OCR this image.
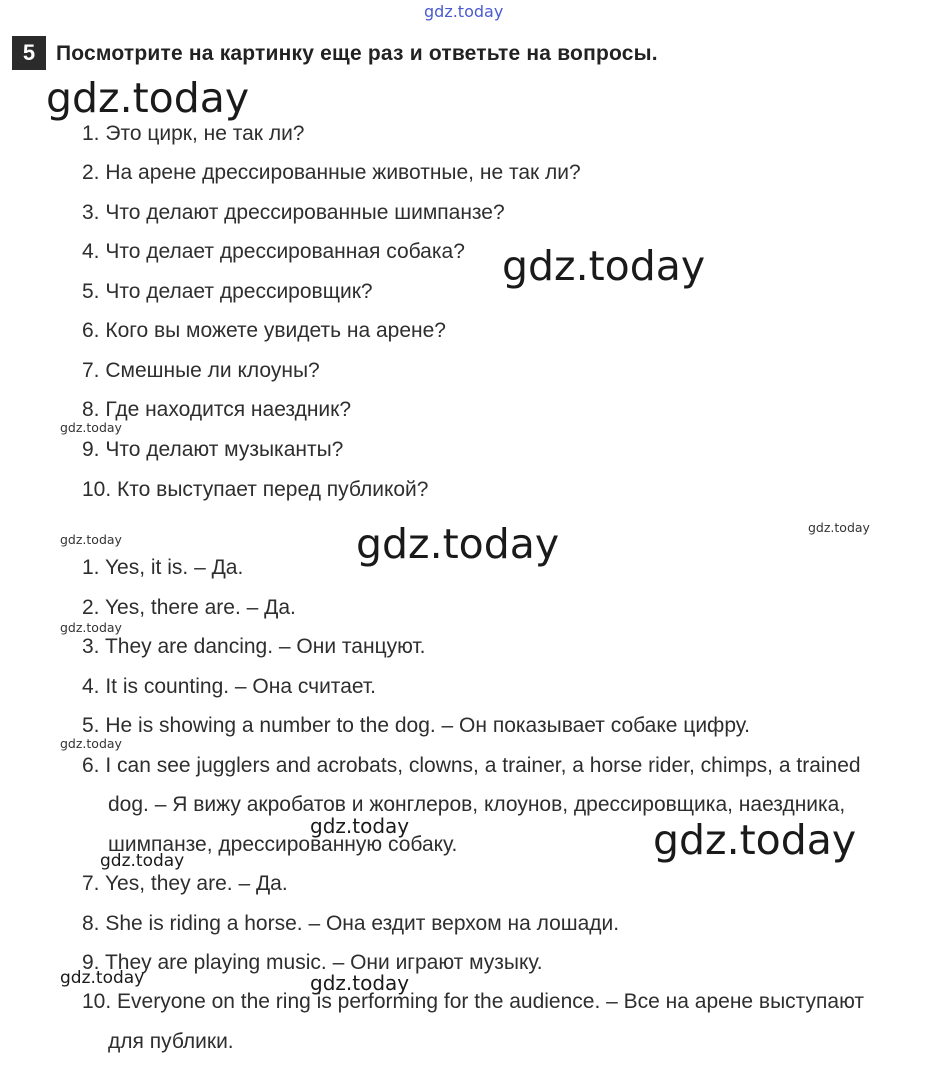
gdz.today
5 Посмотрите на картинку еще раз и ответьте на вопросы.
gdz.today
1. Это цирк, не так ли?
2. На арене дрессированные животные, не так ли?
3. Что делают дрессированные шимпанзе?
4. Что делает дрессированная собака? gdz.today
5. Что делает дрессировщик?
6. Кого вы можете увидеть на арене?
7. Смешные ли клоуны?
8. Где находится наездник?
gdz.today
9. Что делают музыканты?
10. Кто выступает перед публикой?
gdz.today
gdz.today
gdz.today
1. Yes, it is. – Да.
2. Yes, there are. – Да.
gdz.today
3. They are dancing. – Они танцуют.
4. It is counting. – Она считает.
5. He is showing a number to the dog. – Он показывает собаке цифру.
gdz.today
6. I can see jugglers and acrobats, clowns, a trainer, a horse rider, chimps, a trained
dog. – Я вижу акробатов и жонглеров, клоунов, дрессировщика, наездника,
gdz.today	gdz.today
шимпанзе, дрессированную собаку.
gdz.today
7. Yes, they are. – Да.
8. She is riding a horse. – Она ездит верхом на лошади.
9. They are playing music. – Они играют музыку.
gdz.today	gdz.today
10. Everyone on the ring is performing for the audience. – Все на арене выступают
для публики.
